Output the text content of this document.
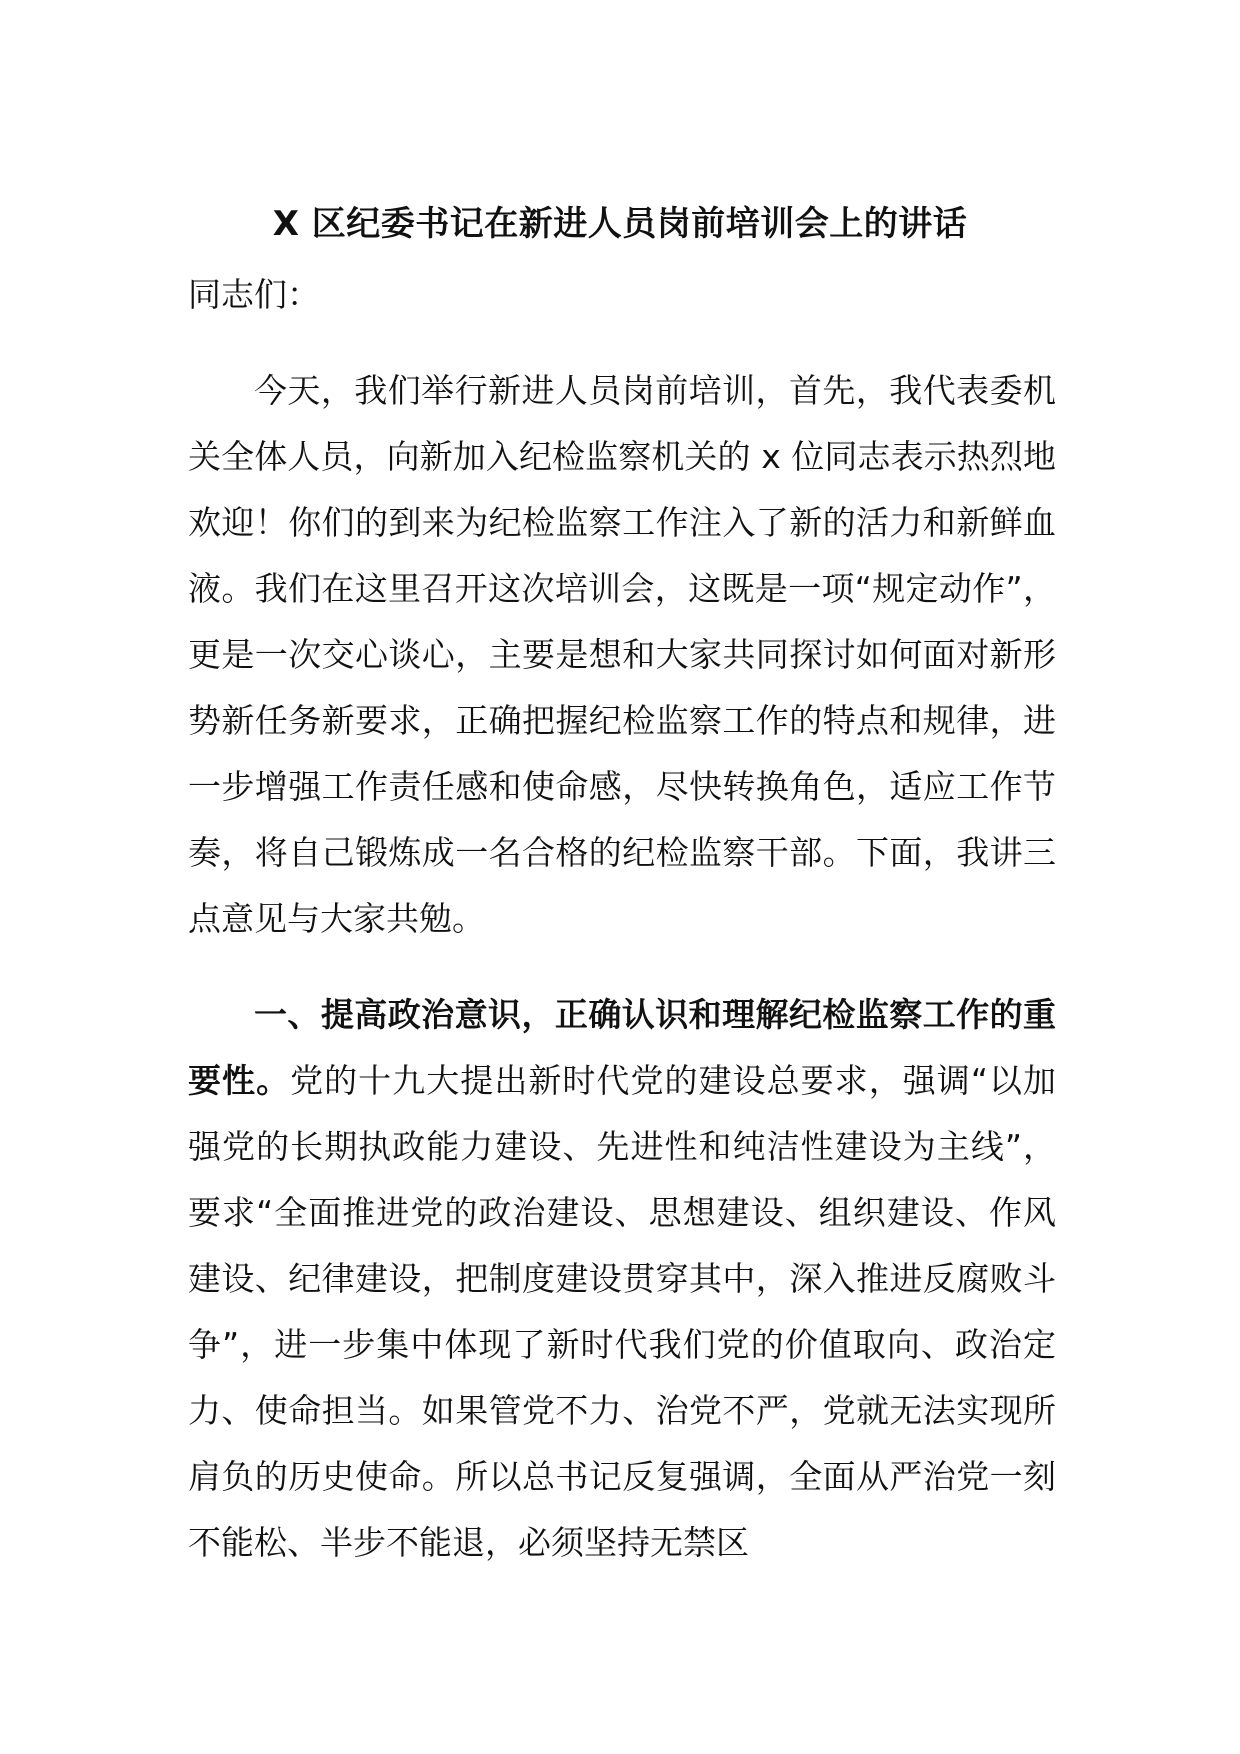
X 区纪委书记在新进人员岗前培训会上的讲话
同志们：

今天，我们举行新进人员岗前培训，首先，我代表委机关全体人员，向新加入纪检监察机关的 x 位同志表示热烈地欢迎！你们的到来为纪检监察工作注入了新的活力和新鲜血液。我们在这里召开这次培训会，这既是一项“规定动作”，更是一次交心谈心，主要是想和大家共同探讨如何面对新形势新任务新要求，正确把握纪检监察工作的特点和规律，进一步增强工作责任感和使命感，尽快转换角色，适应工作节奏，将自己锻炼成一名合格的纪检监察干部。下面，我讲三点意见与大家共勉。

一、提高政治意识，正确认识和理解纪检监察工作的重要性。党的十九大提出新时代党的建设总要求，强调“以加强党的长期执政能力建设、先进性和纯洁性建设为主线”，要求“全面推进党的政治建设、思想建设、组织建设、作风建设、纪律建设，把制度建设贯穿其中，深入推进反腐败斗争”，进一步集中体现了新时代我们党的价值取向、政治定力、使命担当。如果管党不力、治党不严，党就无法实现所肩负的历史使命。所以总书记反复强调，全面从严治党一刻不能松、半步不能退，必须坚持无禁区
